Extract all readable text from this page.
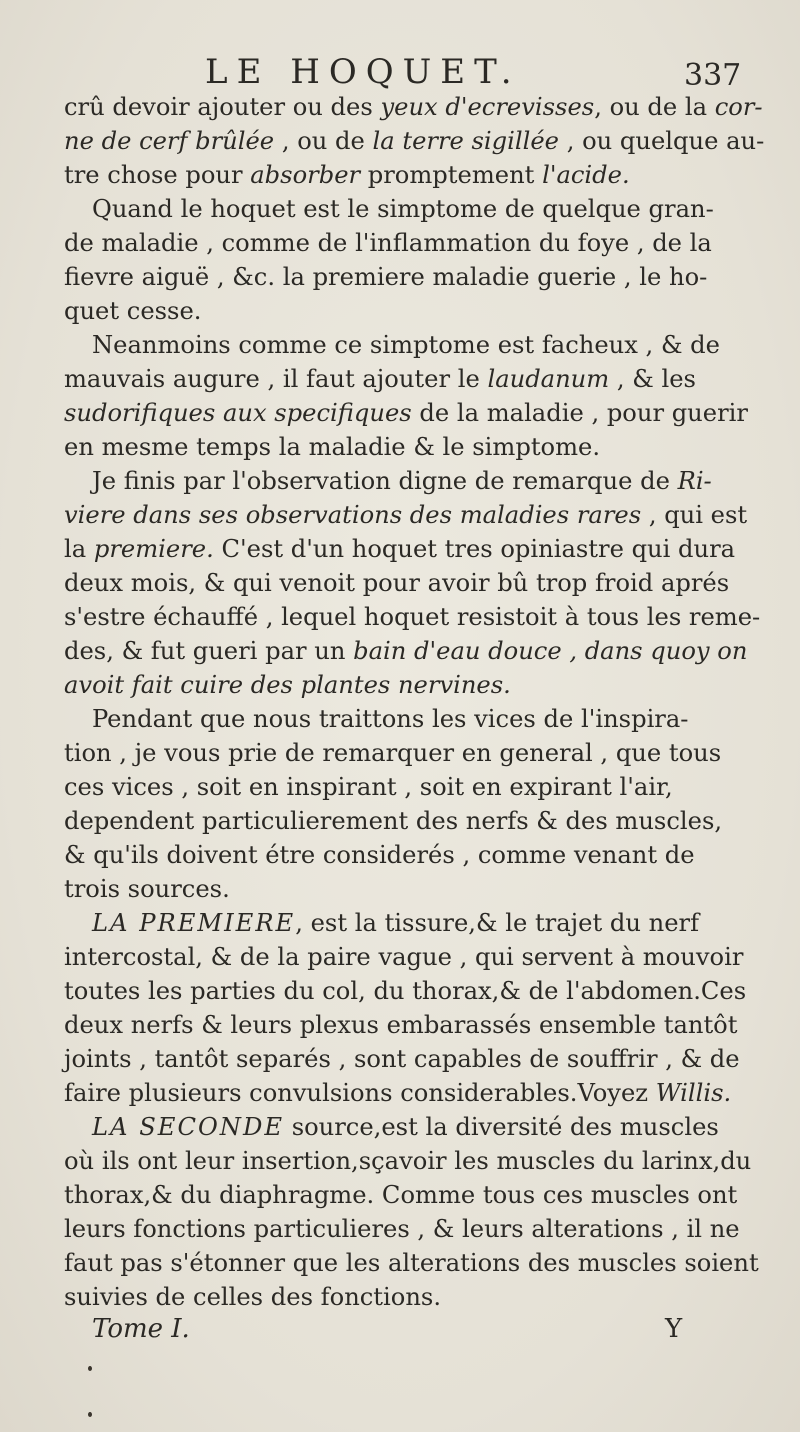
LE HOQUET.	337
crû devoir ajouter ou des yeux d'ecrevisses, ou de la cor-
ne de cerf brûlée , ou de la terre sigillée , ou quelque au-
tre chose pour absorber promptement l'acide.
Quand le hoquet est le simptome de quelque gran-
de maladie , comme de l'inflammation du foye , de la
fievre aiguë , &c. la premiere maladie guerie , le ho-
quet cesse.
Neanmoins comme ce simptome est facheux , & de
mauvais augure , il faut ajouter le laudanum , & les
sudorifiques aux specifiques de la maladie , pour guerir
en mesme temps la maladie & le simptome.
Je finis par l'observation digne de remarque de Ri-
viere dans ses observations des maladies rares , qui est
la premiere. C'est d'un hoquet tres opiniastre qui dura
deux mois, & qui venoit pour avoir bû trop froid aprés
s'estre échauffé , lequel hoquet resistoit à tous les reme-
des, & fut gueri par un bain d'eau douce , dans quoy on
avoit fait cuire des plantes nervines.
Pendant que nous traittons les vices de l'inspira-
tion , je vous prie de remarquer en general , que tous
ces vices , soit en inspirant , soit en expirant l'air,
dependent particulierement des nerfs & des muscles,
& qu'ils doivent étre considerés , comme venant de
trois sources.
LA PREMIERE, est la tissure,& le trajet du nerf
intercostal, & de la paire vague , qui servent à mouvoir
toutes les parties du col, du thorax,& de l'abdomen.Ces
deux nerfs & leurs plexus embarassés ensemble tantôt
joints , tantôt separés , sont capables de souffrir , & de
faire plusieurs convulsions considerables.Voyez Willis.
LA SECONDE source,est la diversité des muscles
où ils ont leur insertion,sçavoir les muscles du larinx,du
thorax,& du diaphragme. Comme tous ces muscles ont
leurs fonctions particulieres , & leurs alterations , il ne
faut pas s'étonner que les alterations des muscles soient
suivies de celles des fonctions.
Tome I.	Y
